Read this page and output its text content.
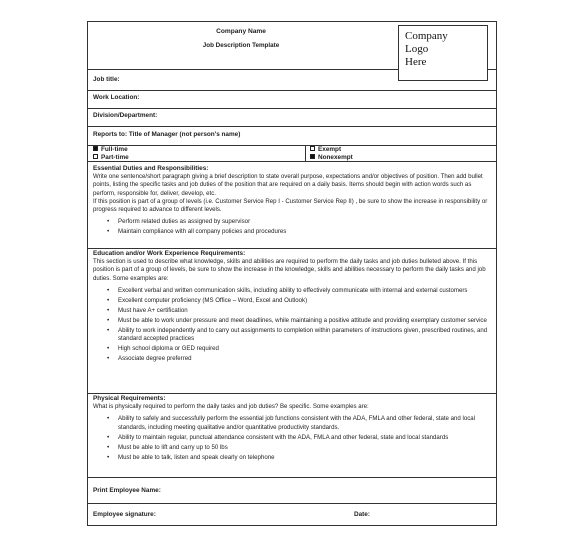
Company Name
Job Description Template
Company
Logo
Here
Job title:
Work Location:
Division/Department:
Reports to: Title of Manager (not person's name)
Full-time
Part-time
Exempt
Nonexempt
Essential Duties and Responsibilities:

Write one sentence/short paragraph giving a brief description to state overall purpose, expectations and/or objectives of position. Then add bullet points, listing the specific tasks and job duties of the position that are required on a daily basis. Items should begin with action words such as perform, responsible for, deliver, develop, etc.

If this position is part of a group of levels (i.e. Customer Service Rep I - Customer Service Rep II) , be sure to show the increase in responsibility or progress required to advance to different levels.

• Perform related duties as assigned by supervisor
• Maintain compliance with all company policies and procedures
Education and/or Work Experience Requirements:

This section is used to describe what knowledge, skills and abilities are required to perform the daily tasks and job duties bulleted above. If this position is part of a group of levels, be sure to show the increase in the knowledge, skills and abilities necessary to perform the daily tasks and job duties. Some examples are:

• Excellent verbal and written communication skills, including ability to effectively communicate with internal and external customers
• Excellent computer proficiency (MS Office – Word, Excel and Outlook)
• Must have A+ certification
• Must be able to work under pressure and meet deadlines, while maintaining a positive attitude and providing exemplary customer service
• Ability to work independently and to carry out assignments to completion within parameters of instructions given, prescribed routines, and standard accepted practices
• High school diploma or GED required
• Associate degree preferred
Physical Requirements:

What is physically required to perform the daily tasks and job duties? Be specific. Some examples are:

• Ability to safely and successfully perform the essential job functions consistent with the ADA, FMLA and other federal, state and local standards, including meeting qualitative and/or quantitative productivity standards.
• Ability to maintain regular, punctual attendance consistent with the ADA, FMLA and other federal, state and local standards
• Must be able to lift and carry up to 50 lbs
• Must be able to talk, listen and speak clearly on telephone
Print Employee Name:
Employee signature:	Date:
